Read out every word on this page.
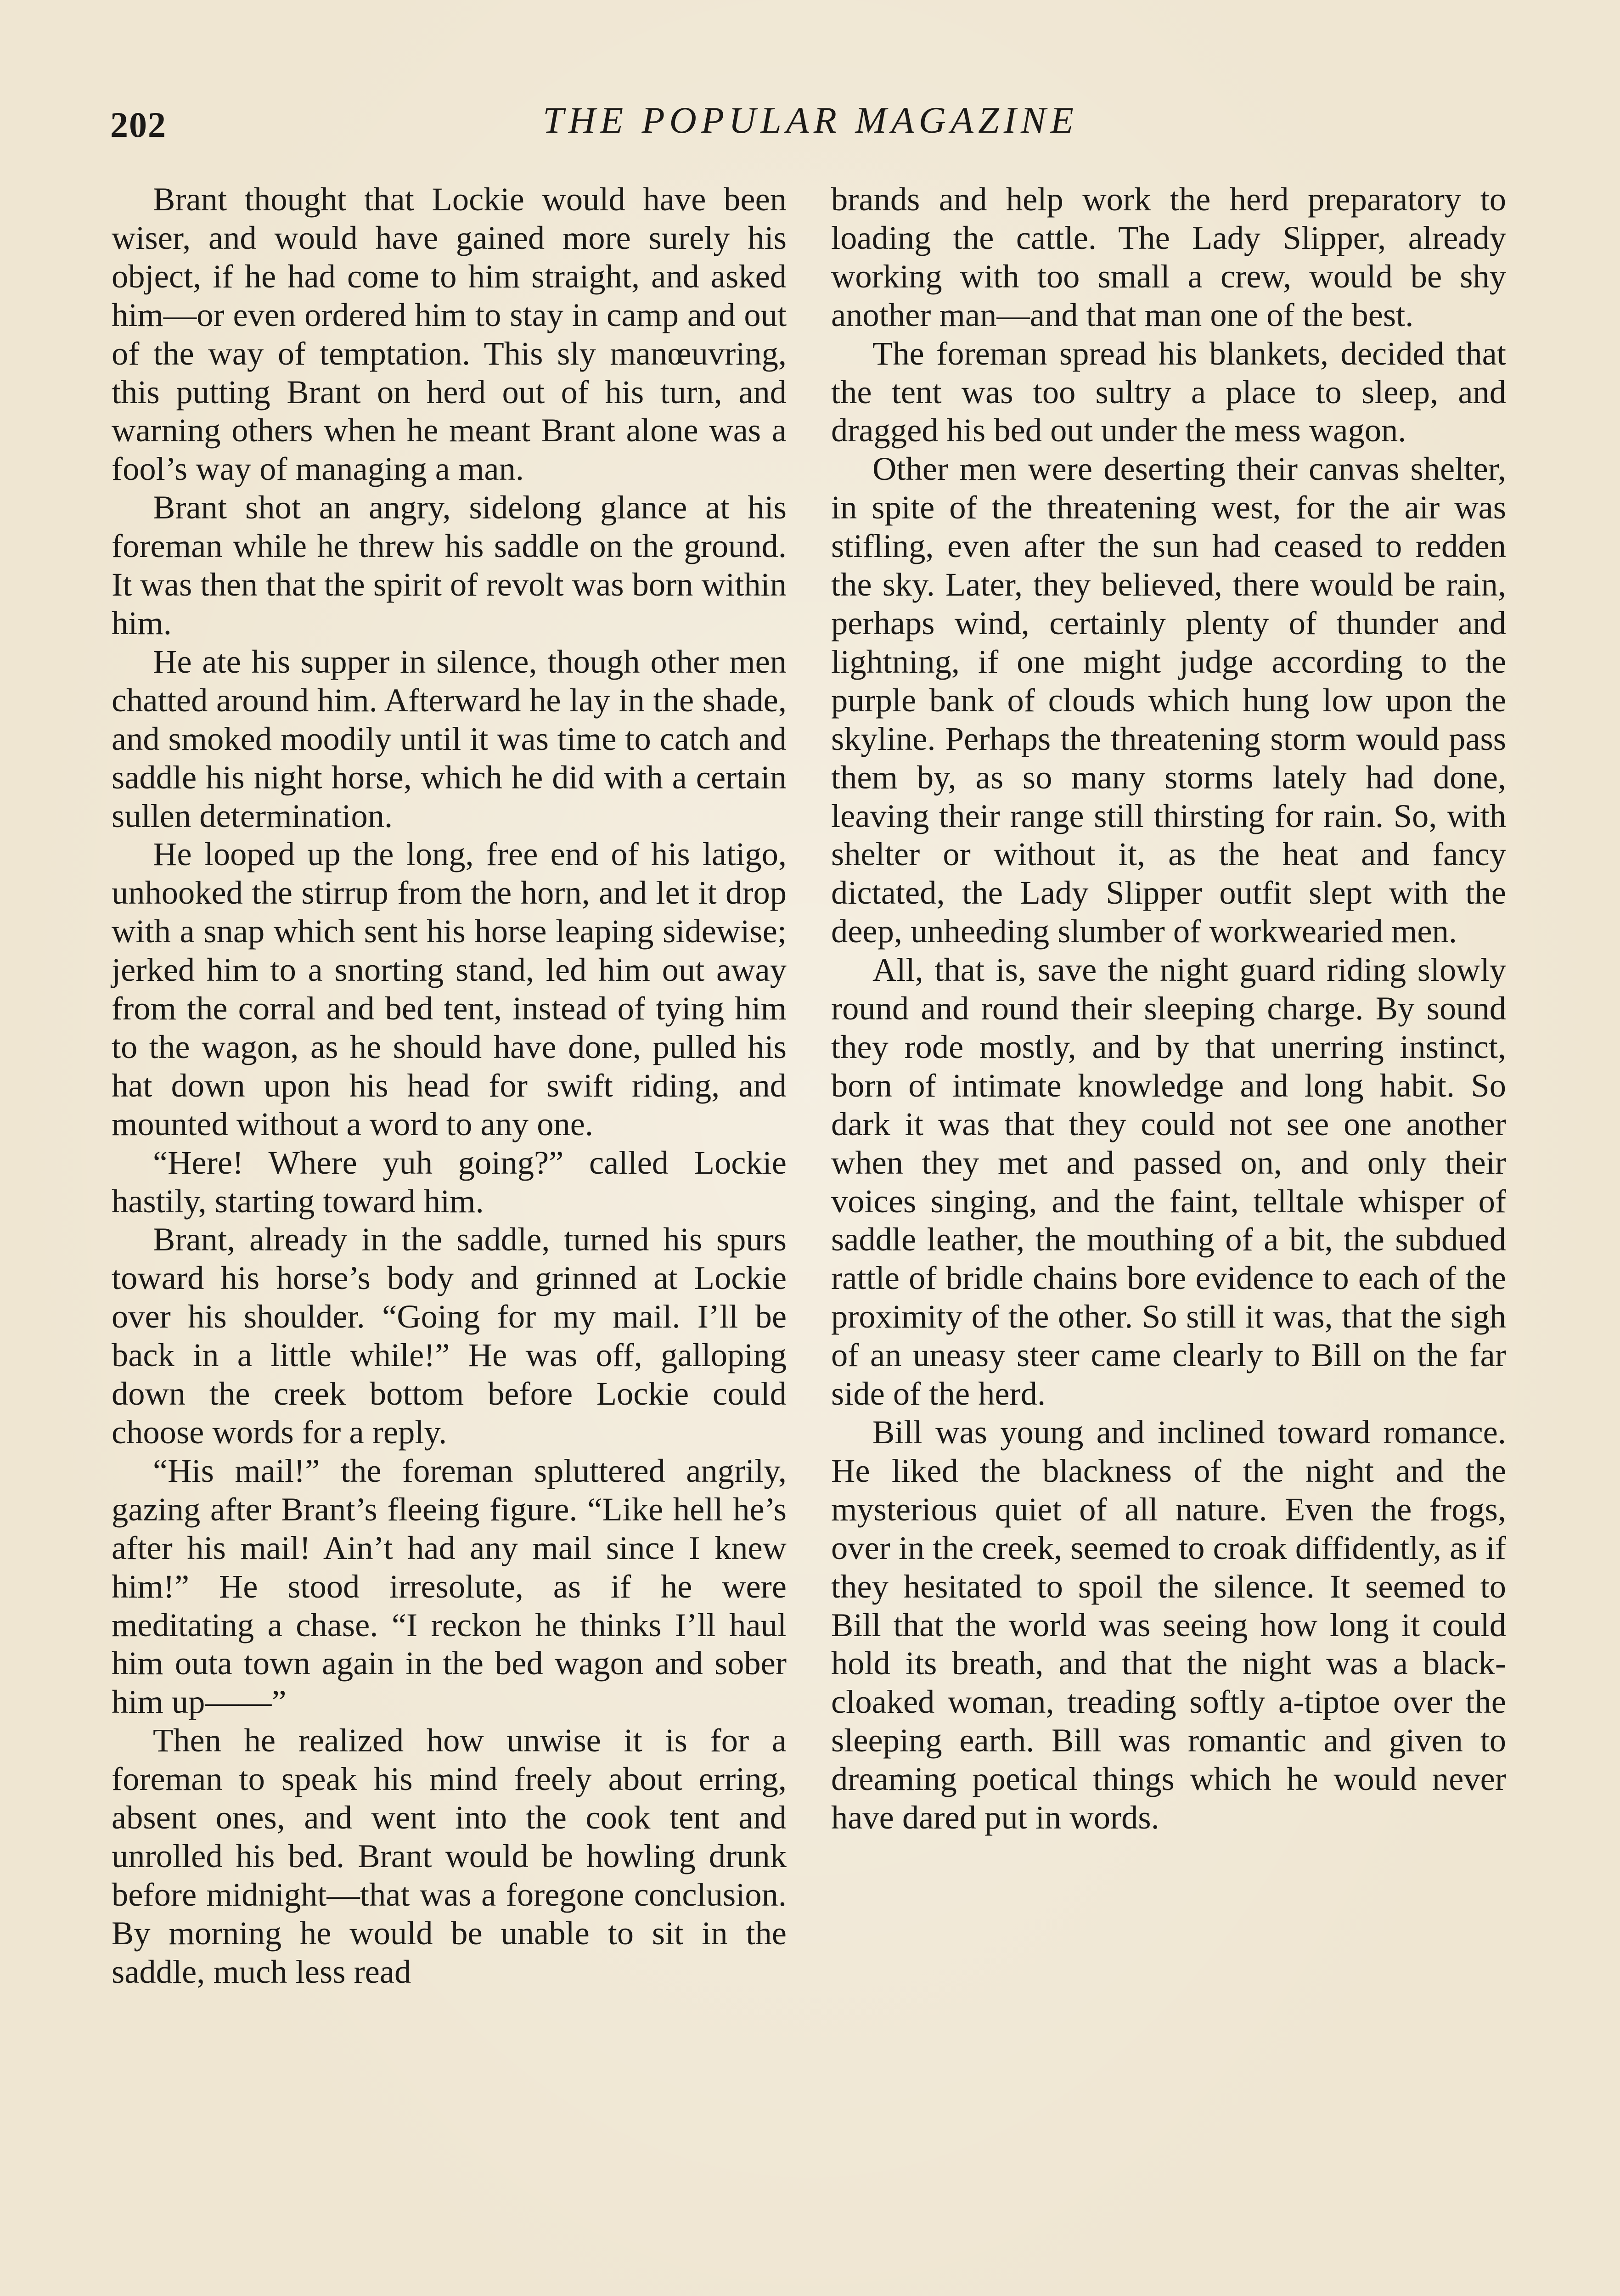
202	THE POPULAR MAGAZINE

Brant thought that Lockie would have been wiser, and would have gained more surely his object, if he had come to him straight, and asked him—or even ordered him to stay in camp and out of the way of temptation. This sly manœuvring, this putting Brant on herd out of his turn, and warning others when he meant Brant alone was a fool’s way of managing a man.

Brant shot an angry, sidelong glance at his foreman while he threw his saddle on the ground. It was then that the spirit of revolt was born within him.

He ate his supper in silence, though other men chatted around him. Afterward he lay in the shade, and smoked moodily until it was time to catch and saddle his night horse, which he did with a certain sullen determination.

He looped up the long, free end of his latigo, unhooked the stirrup from the horn, and let it drop with a snap which sent his horse leaping sidewise; jerked him to a snorting stand, led him out away from the corral and bed tent, instead of tying him to the wagon, as he should have done, pulled his hat down upon his head for swift riding, and mounted without a word to any one.

“Here! Where yuh going?” called Lockie hastily, starting toward him.

Brant, already in the saddle, turned his spurs toward his horse’s body and grinned at Lockie over his shoulder. “Going for my mail. I’ll be back in a little while!” He was off, galloping down the creek bottom before Lockie could choose words for a reply.

“His mail!” the foreman spluttered angrily, gazing after Brant’s fleeing figure. “Like hell he’s after his mail! Ain’t had any mail since I knew him!” He stood irresolute, as if he were meditating a chase. “I reckon he thinks I’ll haul him outa town again in the bed wagon and sober him up——”

Then he realized how unwise it is for a foreman to speak his mind freely about erring, absent ones, and went into the cook tent and unrolled his bed. Brant would be howling drunk before midnight—that was a foregone conclusion. By morning he would be unable to sit in the saddle, much less read

brands and help work the herd preparatory to loading the cattle. The Lady Slipper, already working with too small a crew, would be shy another man—and that man one of the best.

The foreman spread his blankets, decided that the tent was too sultry a place to sleep, and dragged his bed out under the mess wagon.

Other men were deserting their canvas shelter, in spite of the threatening west, for the air was stifling, even after the sun had ceased to redden the sky. Later, they believed, there would be rain, perhaps wind, certainly plenty of thunder and lightning, if one might judge according to the purple bank of clouds which hung low upon the skyline. Perhaps the threatening storm would pass them by, as so many storms lately had done, leaving their range still thirsting for rain. So, with shelter or without it, as the heat and fancy dictated, the Lady Slipper outfit slept with the deep, unheeding slumber of workwearied men.

All, that is, save the night guard riding slowly round and round their sleeping charge. By sound they rode mostly, and by that unerring instinct, born of intimate knowledge and long habit. So dark it was that they could not see one another when they met and passed on, and only their voices singing, and the faint, telltale whisper of saddle leather, the mouthing of a bit, the subdued rattle of bridle chains bore evidence to each of the proximity of the other. So still it was, that the sigh of an uneasy steer came clearly to Bill on the far side of the herd.

Bill was young and inclined toward romance. He liked the blackness of the night and the mysterious quiet of all nature. Even the frogs, over in the creek, seemed to croak diffidently, as if they hesitated to spoil the silence. It seemed to Bill that the world was seeing how long it could hold its breath, and that the night was a black-cloaked woman, treading softly a-tiptoe over the sleeping earth. Bill was romantic and given to dreaming poetical things which he would never have dared put in words.
